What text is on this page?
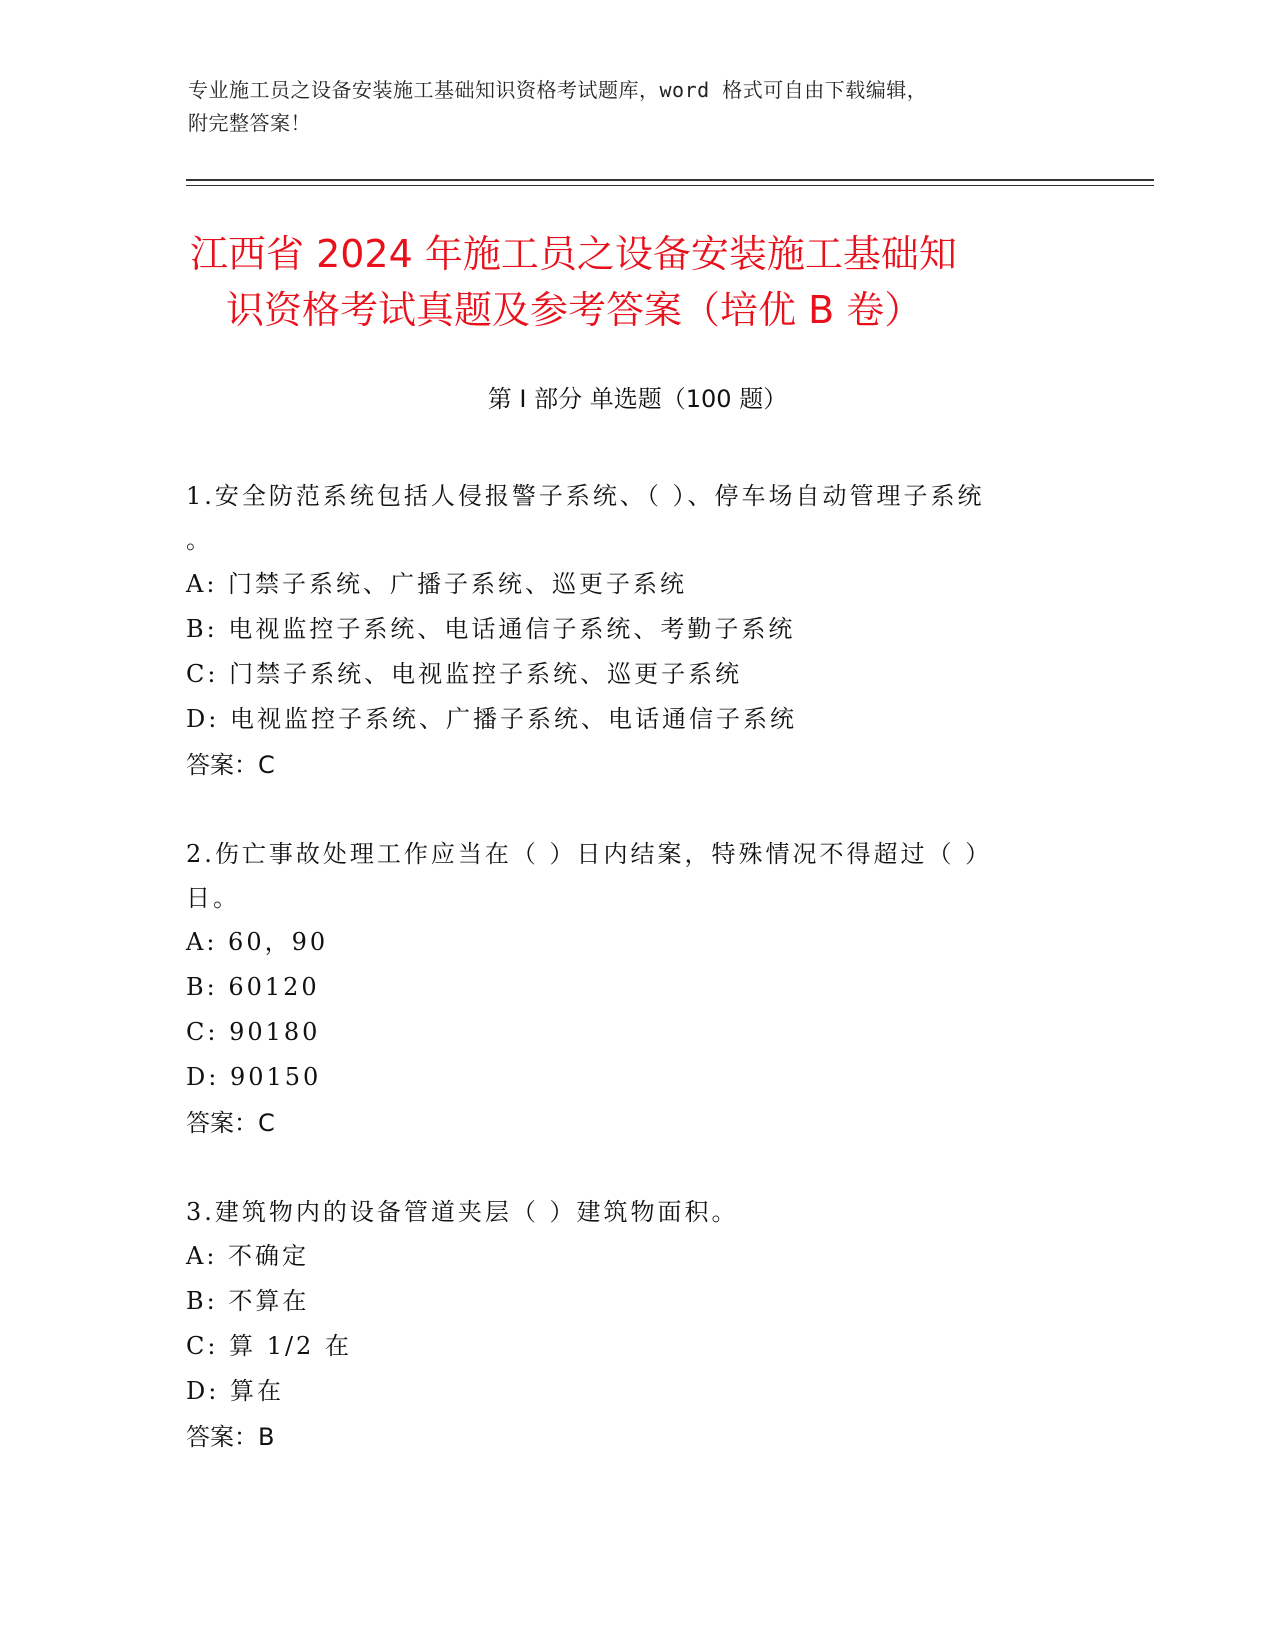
专业施工员之设备安装施工基础知识资格考试题库，word 格式可自由下载编辑，
附完整答案！
江西省 2024 年施工员之设备安装施工基础知
识资格考试真题及参考答案（培优 B 卷）
第 I 部分 单选题（100 题）
1.安全防范系统包括人侵报警子系统、（ ）、停车场自动管理子系统
。
A: 门禁子系统、广播子系统、巡更子系统
B: 电视监控子系统、电话通信子系统、考勤子系统
C: 门禁子系统、电视监控子系统、巡更子系统
D: 电视监控子系统、广播子系统、电话通信子系统
答案：C
2.伤亡事故处理工作应当在（ ）日内结案，特殊情况不得超过（ ）
日。
A: 60，90
B: 60120
C: 90180
D: 90150
答案：C
3.建筑物内的设备管道夹层（ ）建筑物面积。
A: 不确定
B: 不算在
C: 算 1/2 在
D: 算在
答案：B
